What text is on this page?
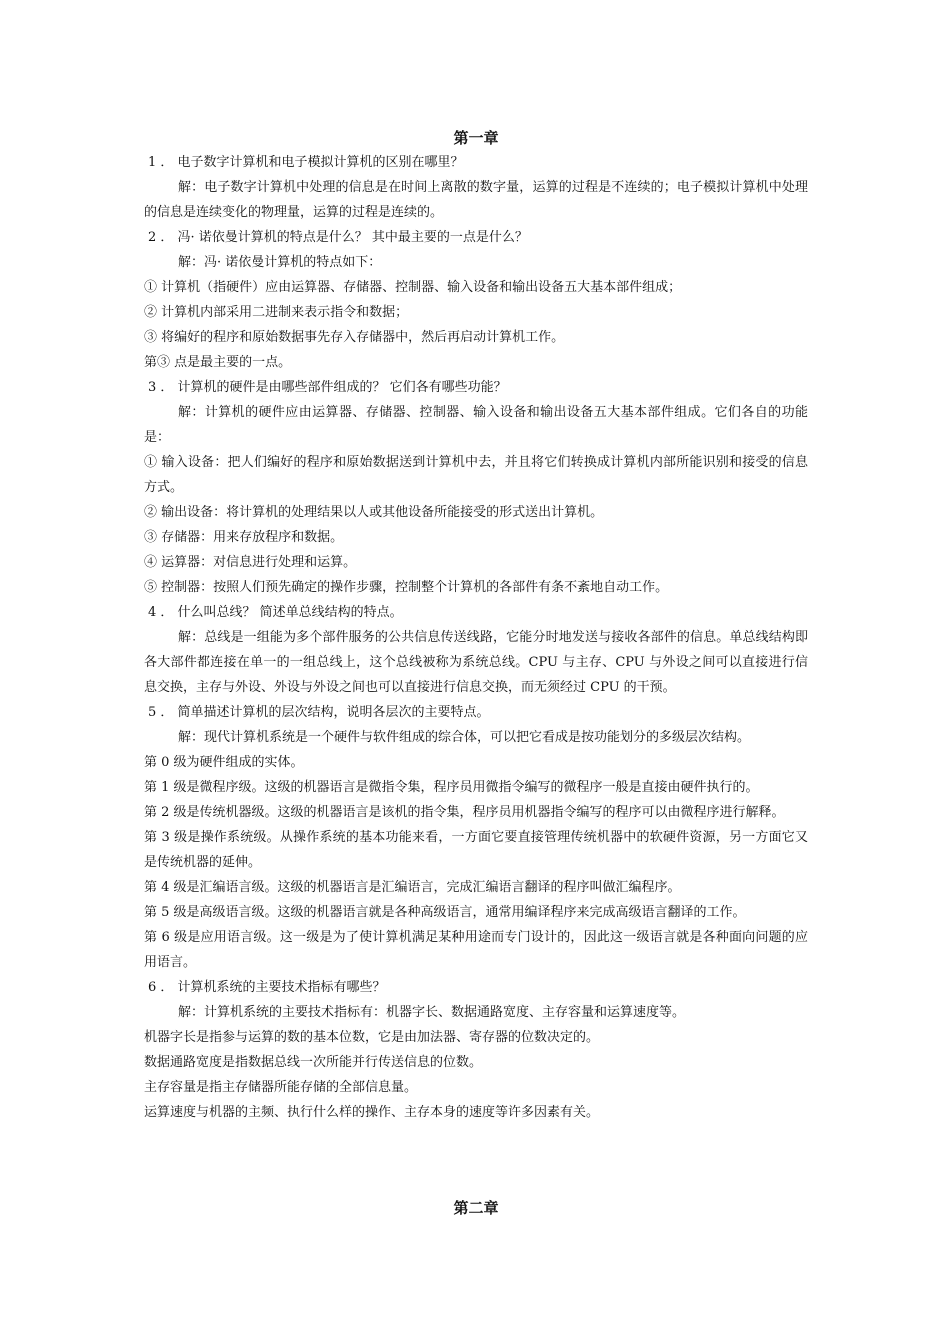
第一章

1 ． 电子数字计算机和电子模拟计算机的区别在哪里？

解：电子数字计算机中处理的信息是在时间上离散的数字量，运算的过程是不连续的；电子模拟计算机中处理的信息是连续变化的物理量，运算的过程是连续的。

2 ． 冯· 诺依曼计算机的特点是什么？ 其中最主要的一点是什么？

解：冯· 诺依曼计算机的特点如下：

① 计算机（指硬件）应由运算器、存储器、控制器、输入设备和输出设备五大基本部件组成；

② 计算机内部采用二进制来表示指令和数据；

③ 将编好的程序和原始数据事先存入存储器中，然后再启动计算机工作。

第③ 点是最主要的一点。

3 ． 计算机的硬件是由哪些部件组成的？ 它们各有哪些功能？

解：计算机的硬件应由运算器、存储器、控制器、输入设备和输出设备五大基本部件组成。它们各自的功能是：

① 输入设备：把人们编好的程序和原始数据送到计算机中去，并且将它们转换成计算机内部所能识别和接受的信息方式。

② 输出设备：将计算机的处理结果以人或其他设备所能接受的形式送出计算机。

③ 存储器：用来存放程序和数据。

④ 运算器：对信息进行处理和运算。

⑤ 控制器：按照人们预先确定的操作步骤，控制整个计算机的各部件有条不紊地自动工作。

4 ． 什么叫总线？ 简述单总线结构的特点。

解：总线是一组能为多个部件服务的公共信息传送线路，它能分时地发送与接收各部件的信息。单总线结构即各大部件都连接在单一的一组总线上，这个总线被称为系统总线。CPU 与主存、CPU 与外设之间可以直接进行信息交换，主存与外设、外设与外设之间也可以直接进行信息交换，而无须经过 CPU 的干预。

5 ． 简单描述计算机的层次结构，说明各层次的主要特点。

解：现代计算机系统是一个硬件与软件组成的综合体，可以把它看成是按功能划分的多级层次结构。

第 0 级为硬件组成的实体。

第 1 级是微程序级。这级的机器语言是微指令集，程序员用微指令编写的微程序一般是直接由硬件执行的。

第 2 级是传统机器级。这级的机器语言是该机的指令集，程序员用机器指令编写的程序可以由微程序进行解释。

第 3 级是操作系统级。从操作系统的基本功能来看，一方面它要直接管理传统机器中的软硬件资源，另一方面它又是传统机器的延伸。

第 4 级是汇编语言级。这级的机器语言是汇编语言，完成汇编语言翻译的程序叫做汇编程序。

第 5 级是高级语言级。这级的机器语言就是各种高级语言，通常用编译程序来完成高级语言翻译的工作。

第 6 级是应用语言级。这一级是为了使计算机满足某种用途而专门设计的，因此这一级语言就是各种面向问题的应用语言。

6 ． 计算机系统的主要技术指标有哪些？

解：计算机系统的主要技术指标有：机器字长、数据通路宽度、主存容量和运算速度等。

机器字长是指参与运算的数的基本位数，它是由加法器、寄存器的位数决定的。

数据通路宽度是指数据总线一次所能并行传送信息的位数。

主存容量是指主存储器所能存储的全部信息量。

运算速度与机器的主频、执行什么样的操作、主存本身的速度等许多因素有关。

第二章
